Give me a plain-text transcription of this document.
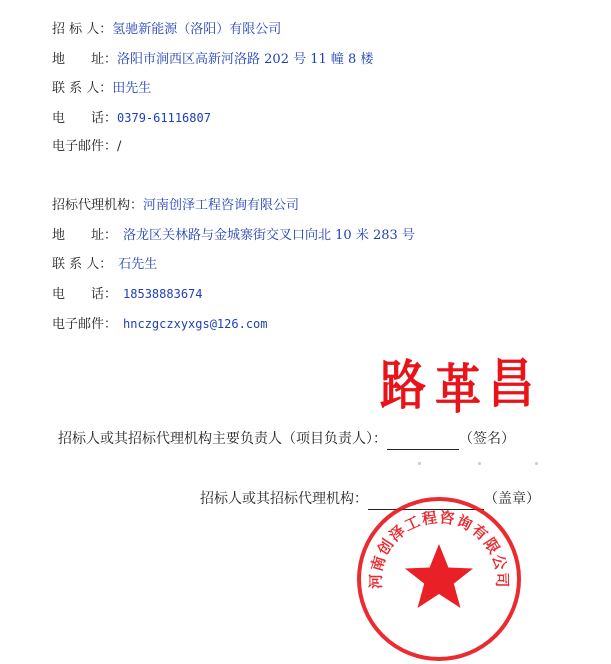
招 标 人：氢驰新能源（洛阳）有限公司
地　　址：洛阳市涧西区高新河洛路 202 号 11 幢 8 楼
联 系 人：田先生
电　　话：0379-61116807
电子邮件：/
招标代理机构：河南创泽工程咨询有限公司
地　　址： 洛龙区关林路与金城寨街交叉口向北 10 米 283 号
联 系 人： 石先生
电　　话： 18538883674
电子邮件： hnczgczxyxgs@126.com
路 革 昌
招标人或其招标代理机构主要负责人（项目负责人）：	（签名）
招标人或其招标代理机构：	（盖章）
河南创泽工程咨询有限公司
